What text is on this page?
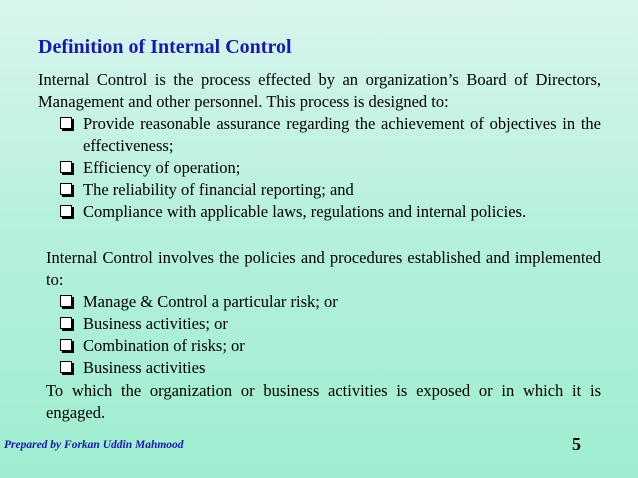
Definition of Internal Control
Internal Control is the process effected by an organization’s Board of Directors, Management and other personnel. This process is designed to:
Provide reasonable assurance regarding the achievement of objectives in the effectiveness;
Efficiency of operation;
The reliability of financial reporting; and
Compliance with applicable laws, regulations and internal policies.
Internal Control involves the policies and procedures established and implemented to:
Manage & Control a particular risk; or
Business activities; or
Combination of risks; or
Business activities
To which the organization or business activities is exposed or in which it is engaged.
Prepared by Forkan Uddin Mahmood	5
